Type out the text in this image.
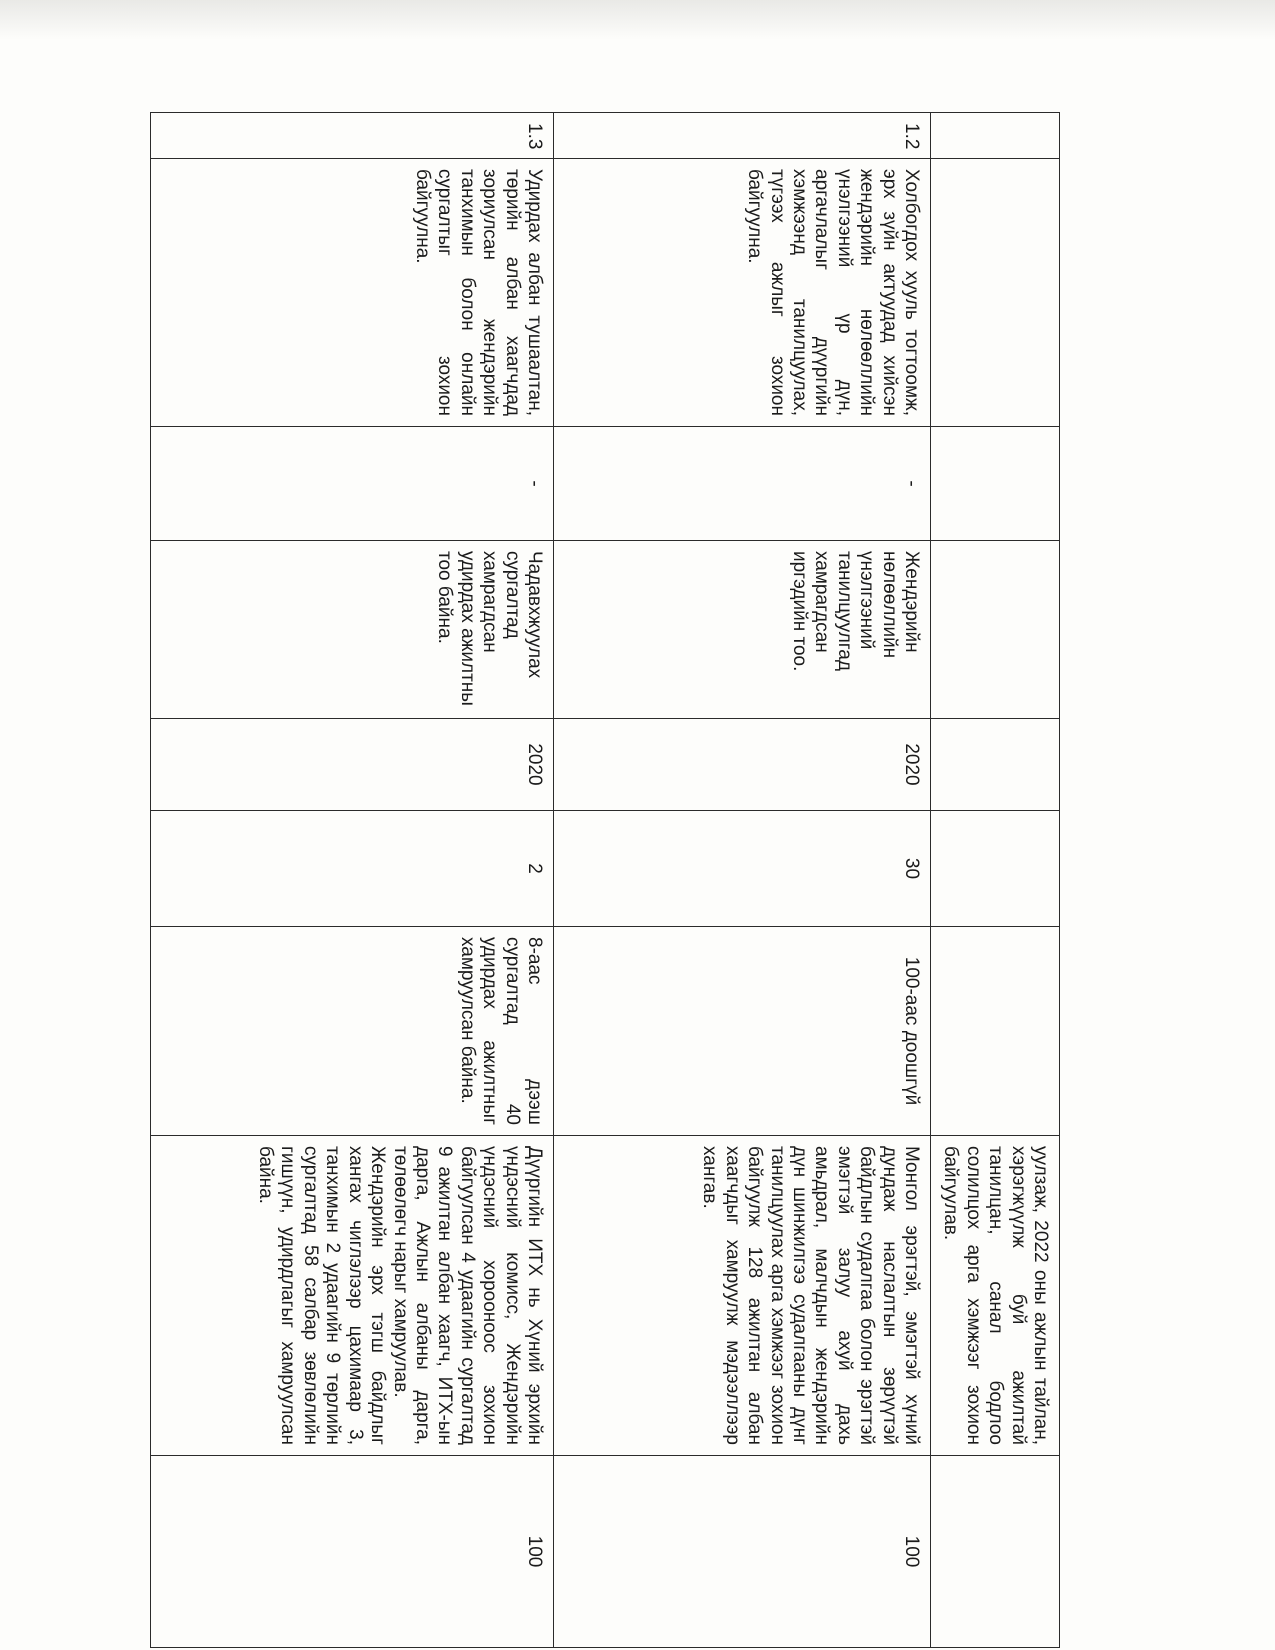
							уулзаж, 2022 оны ажлын тайлан, хэрэгжүүлж буй ажилтай танилцан, санал бодлоо солилцох арга хэмжээг зохион байгуулав.	

1.2	Холбогдох хууль тогтоомж, эрх зүйн актуудад хийсэн жендэрийн нөлөөллийн үнэлгээний үр дүн, аргачлалыг дүүргийн хэмжээнд танилцуулах, түгээх ажлыг зохион байгуулна.	-	Жендэрийн нөлөөллийн үнэлгээний танилцуулгад хамрагдсан иргэдийн тоо.	2020	30	100-аас доошгүй	Монгол эрэгтэй, эмэгтэй хүний дундаж наслалтын зөрүүтэй байдлын судалгаа болон эрэгтэй эмэгтэй залуу ахуй дахь амьдрал, малчдын жендэрийн дүн шинжилгээ судалгааны дүнг танилцуулах арга хэмжээг зохион байгуулж 128 ажилтан албан хаагчдыг хамруулж мэдээллээр хангав.	100
1.3	Удирдах албан тушаалтан, төрийн албан хаагчдад зориулсан жендэрийн танхимын болон онлайн сургалтыг зохион байгуулна.	-	Чадавхжуулах сургалтад хамрагдсан удирдах ажилтны тоо байна.	2020	2	8-аас дээш сургалтад 40 удирдах ажилтныг хамруулсан байна.	Дүүргийн ИТХ нь Хүний эрхийн үндэсний комисс, Жендэрийн үндэсний хорооноос зохион байгуулсан 4 удаагийн сургалтад 9 ажилтан албан хаагч, ИТХ-ын дарга, Ажлын албаны дарга, төлөөлөгч нарыг хамруулав.
Жендэрийн эрх тэгш байдлыг хангах чиглэлээр цахимаар 3, танхимын 2 удаагийн 9 төрлийн сургалтад 58 салбар зөвлөлийн гишүүн, удирдлагыг хамруулсан байна.	100
